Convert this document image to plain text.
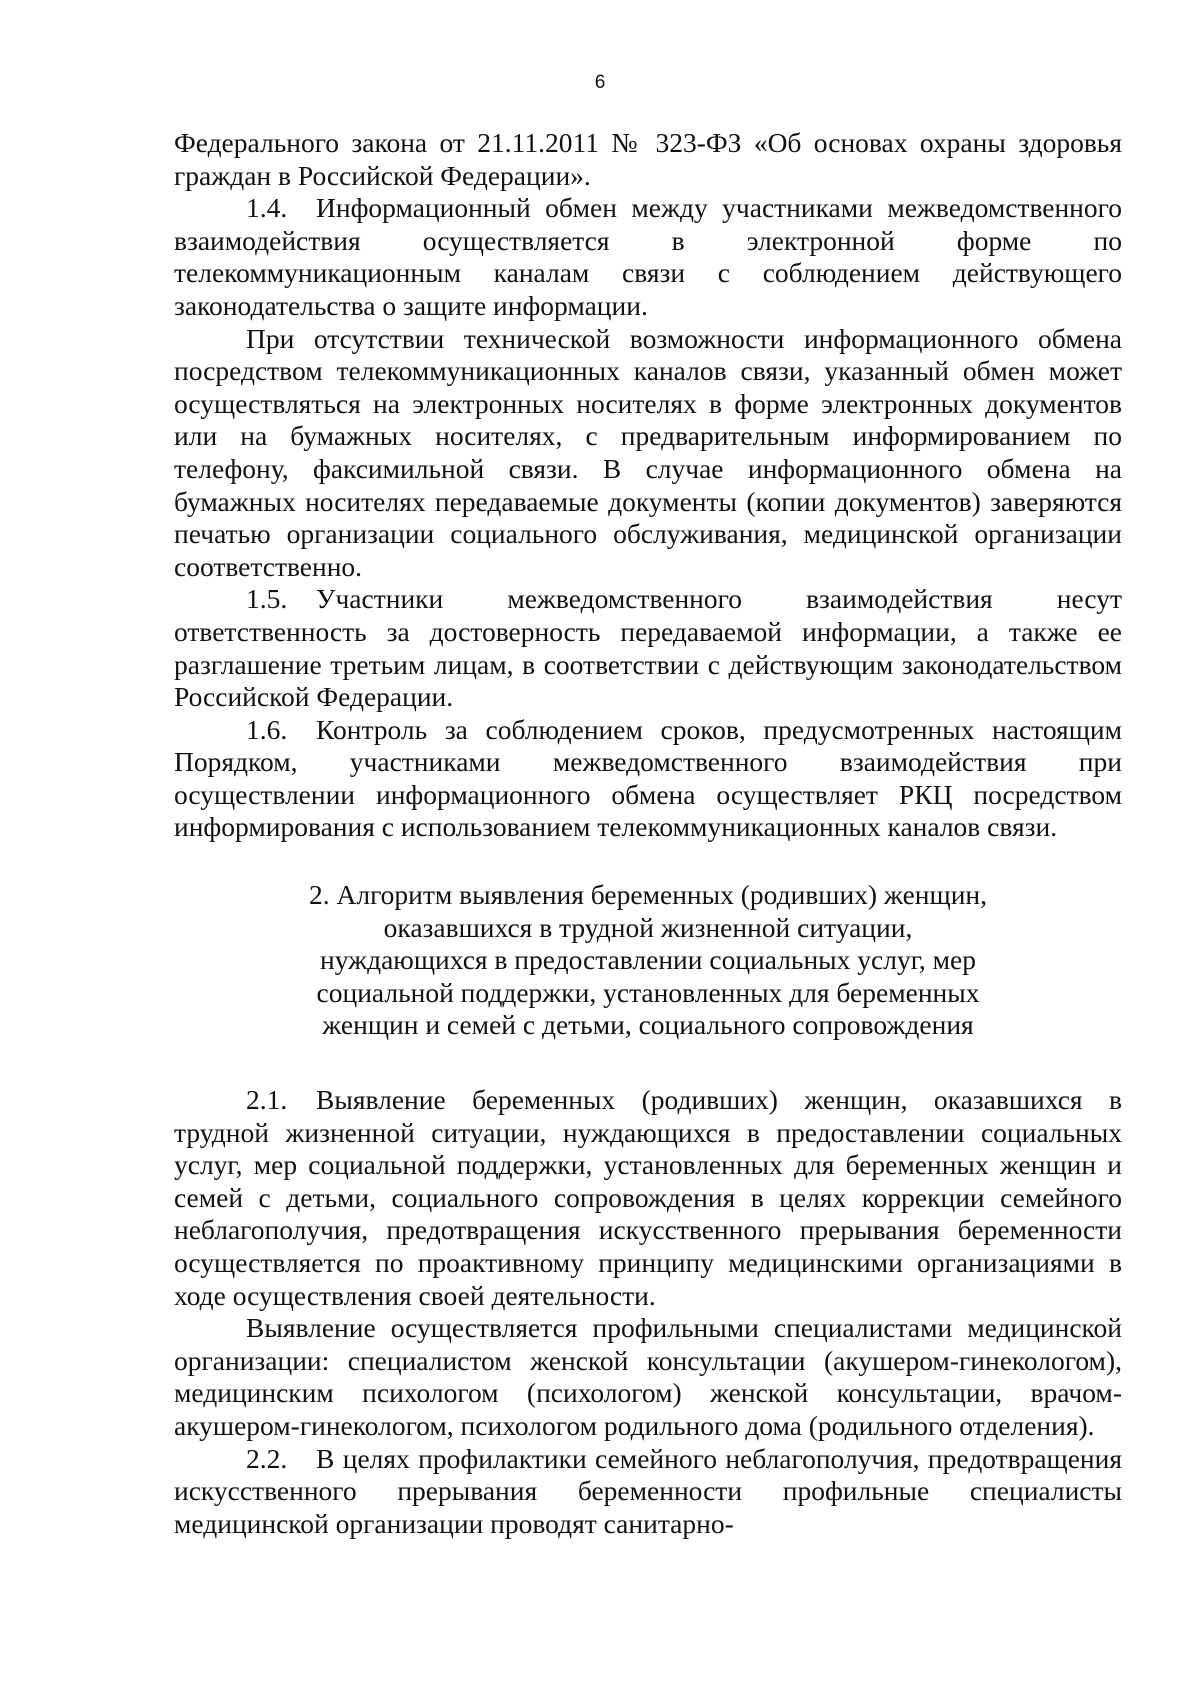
6

Федерального закона от 21.11.2011 № 323-ФЗ «Об основах охраны здоровья граждан в Российской Федерации».

1.4. Информационный обмен между участниками межведомственного взаимодействия осуществляется в электронной форме по телекоммуникационным каналам связи с соблюдением действующего законодательства о защите информации.

При отсутствии технической возможности информационного обмена посредством телекоммуникационных каналов связи, указанный обмен может осуществляться на электронных носителях в форме электронных документов или на бумажных носителях, с предварительным информированием по телефону, факсимильной связи. В случае информационного обмена на бумажных носителях передаваемые документы (копии документов) заверяются печатью организации социального обслуживания, медицинской организации соответственно.

1.5. Участники межведомственного взаимодействия несут ответственность за достоверность передаваемой информации, а также ее разглашение третьим лицам, в соответствии с действующим законодательством Российской Федерации.

1.6. Контроль за соблюдением сроков, предусмотренных настоящим Порядком, участниками межведомственного взаимодействия при осуществлении информационного обмена осуществляет РКЦ посредством информирования с использованием телекоммуникационных каналов связи.

2. Алгоритм выявления беременных (родивших) женщин,
оказавшихся в трудной жизненной ситуации,
нуждающихся в предоставлении социальных услуг, мер
социальной поддержки, установленных для беременных
женщин и семей с детьми, социального сопровождения

2.1. Выявление беременных (родивших) женщин, оказавшихся в трудной жизненной ситуации, нуждающихся в предоставлении социальных услуг, мер социальной поддержки, установленных для беременных женщин и семей с детьми, социального сопровождения в целях коррекции семейного неблагополучия, предотвращения искусственного прерывания беременности осуществляется по проактивному принципу медицинскими организациями в ходе осуществления своей деятельности.

Выявление осуществляется профильными специалистами медицинской организации: специалистом женской консультации (акушером-гинекологом), медицинским психологом (психологом) женской консультации, врачом-акушером-гинекологом, психологом родильного дома (родильного отделения).

2.2. В целях профилактики семейного неблагополучия, предотвращения искусственного прерывания беременности профильные специалисты медицинской организации проводят санитарно-
